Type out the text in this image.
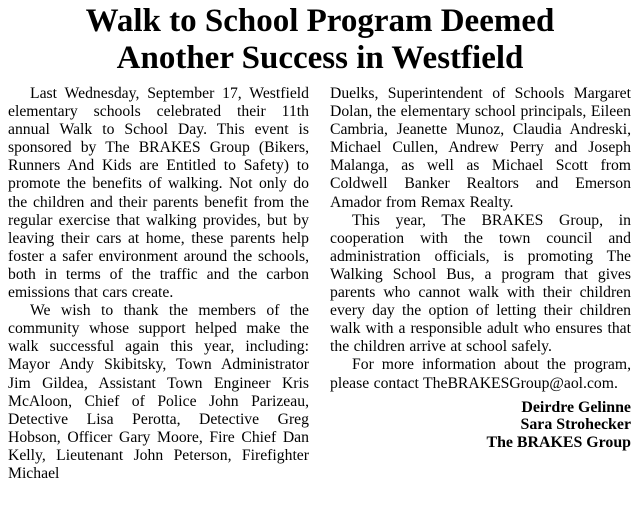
Walk to School Program Deemed
Another Success in Westfield

Last Wednesday, September 17, Westfield elementary schools celebrated their 11th annual Walk to School Day. This event is sponsored by The BRAKES Group (Bikers, Runners And Kids are Entitled to Safety) to promote the benefits of walking. Not only do the children and their parents benefit from the regular exercise that walking provides, but by leaving their cars at home, these parents help foster a safer environment around the schools, both in terms of the traffic and the carbon emissions that cars create.

We wish to thank the members of the community whose support helped make the walk successful again this year, including: Mayor Andy Skibitsky, Town Administrator Jim Gildea, Assistant Town Engineer Kris McAloon, Chief of Police John Parizeau, Detective Lisa Perotta, Detective Greg Hobson, Officer Gary Moore, Fire Chief Dan Kelly, Lieutenant John Peterson, Firefighter Michael

Duelks, Superintendent of Schools Margaret Dolan, the elementary school principals, Eileen Cambria, Jeanette Munoz, Claudia Andreski, Michael Cullen, Andrew Perry and Joseph Malanga, as well as Michael Scott from Coldwell Banker Realtors and Emerson Amador from Remax Realty.

This year, The BRAKES Group, in cooperation with the town council and administration officials, is promoting The Walking School Bus, a program that gives parents who cannot walk with their children every day the option of letting their children walk with a responsible adult who ensures that the children arrive at school safely.

For more information about the program, please contact TheBRAKESGroup@aol.com.

Deirdre Gelinne
Sara Strohecker
The BRAKES Group
